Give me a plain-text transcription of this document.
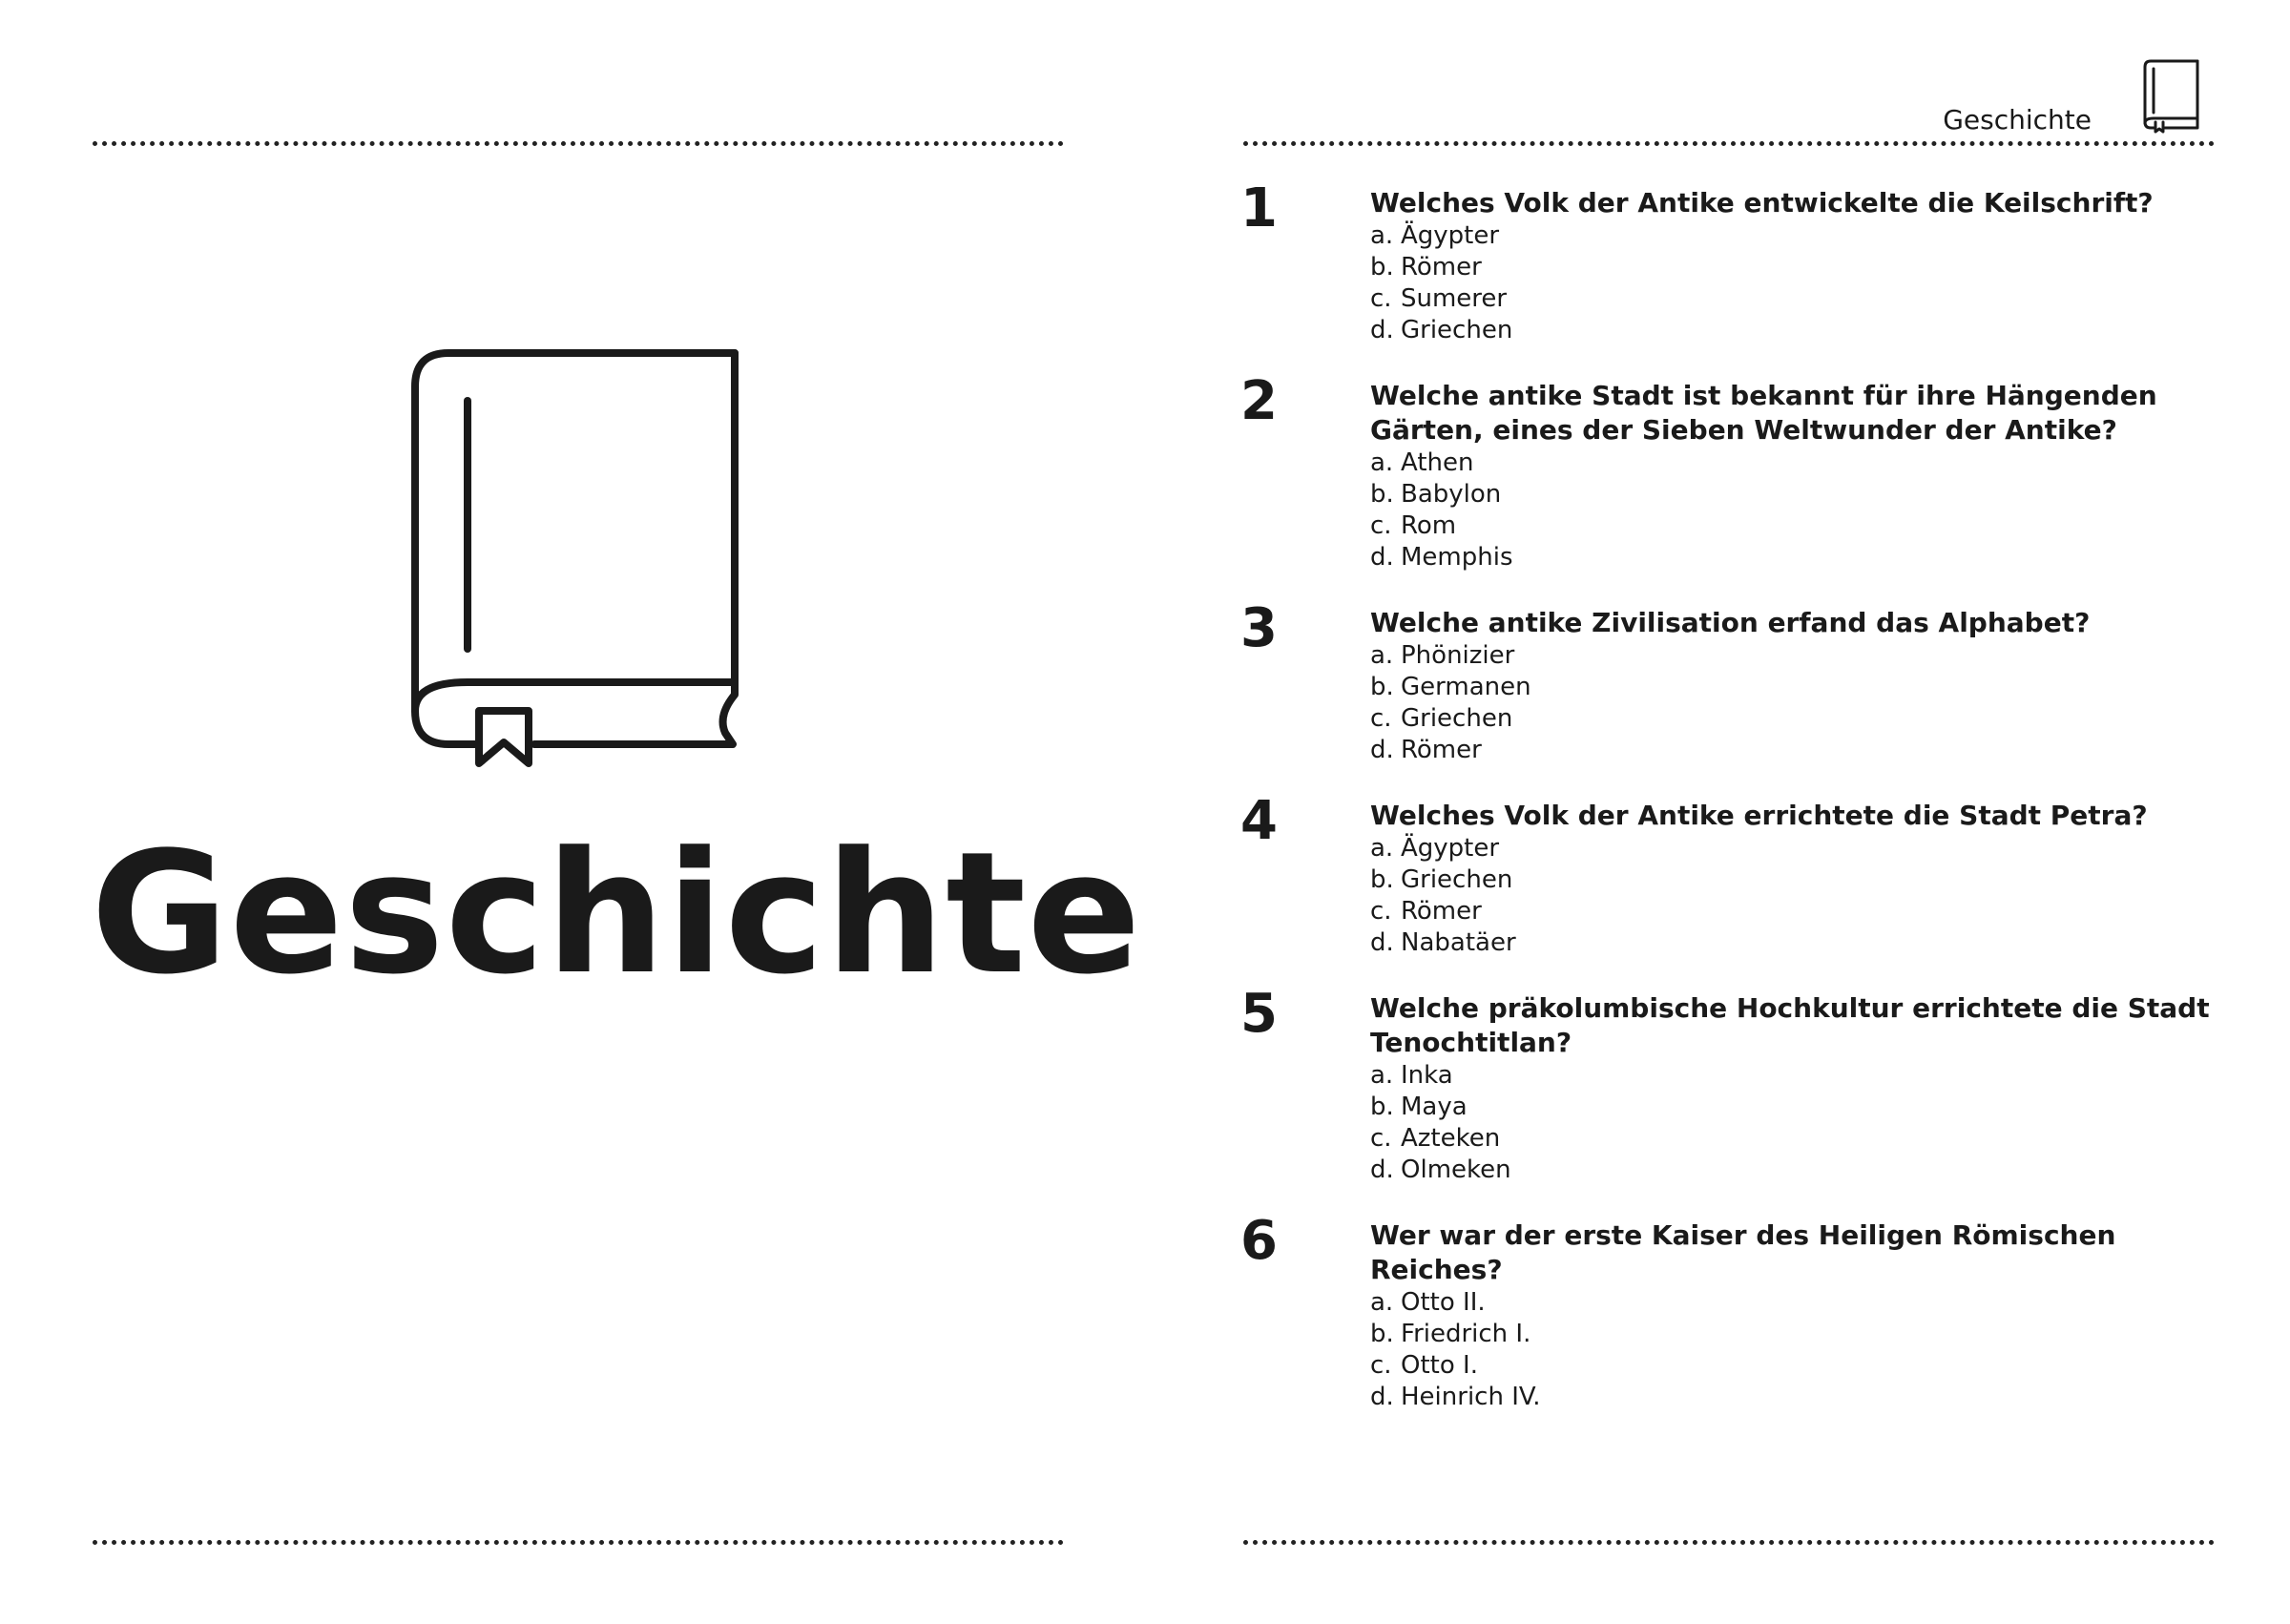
Geschichte
Geschichte
1	Welches Volk der Antike entwickelte die Keilschrift?
a. Ägypter
b. Römer
c. Sumerer
d. Griechen
2	Welche antike Stadt ist bekannt für ihre Hängenden Gärten, eines der Sieben Weltwunder der Antike?
a. Athen
b. Babylon
c. Rom
d. Memphis
3	Welche antike Zivilisation erfand das Alphabet?
a. Phönizier
b. Germanen
c. Griechen
d. Römer
4	Welches Volk der Antike errichtete die Stadt Petra?
a. Ägypter
b. Griechen
c. Römer
d. Nabatäer
5	Welche präkolumbische Hochkultur errichtete die Stadt Tenochtitlan?
a. Inka
b. Maya
c. Azteken
d. Olmeken
6	Wer war der erste Kaiser des Heiligen Römischen Reiches?
a. Otto II.
b. Friedrich I.
c. Otto I.
d. Heinrich IV.
